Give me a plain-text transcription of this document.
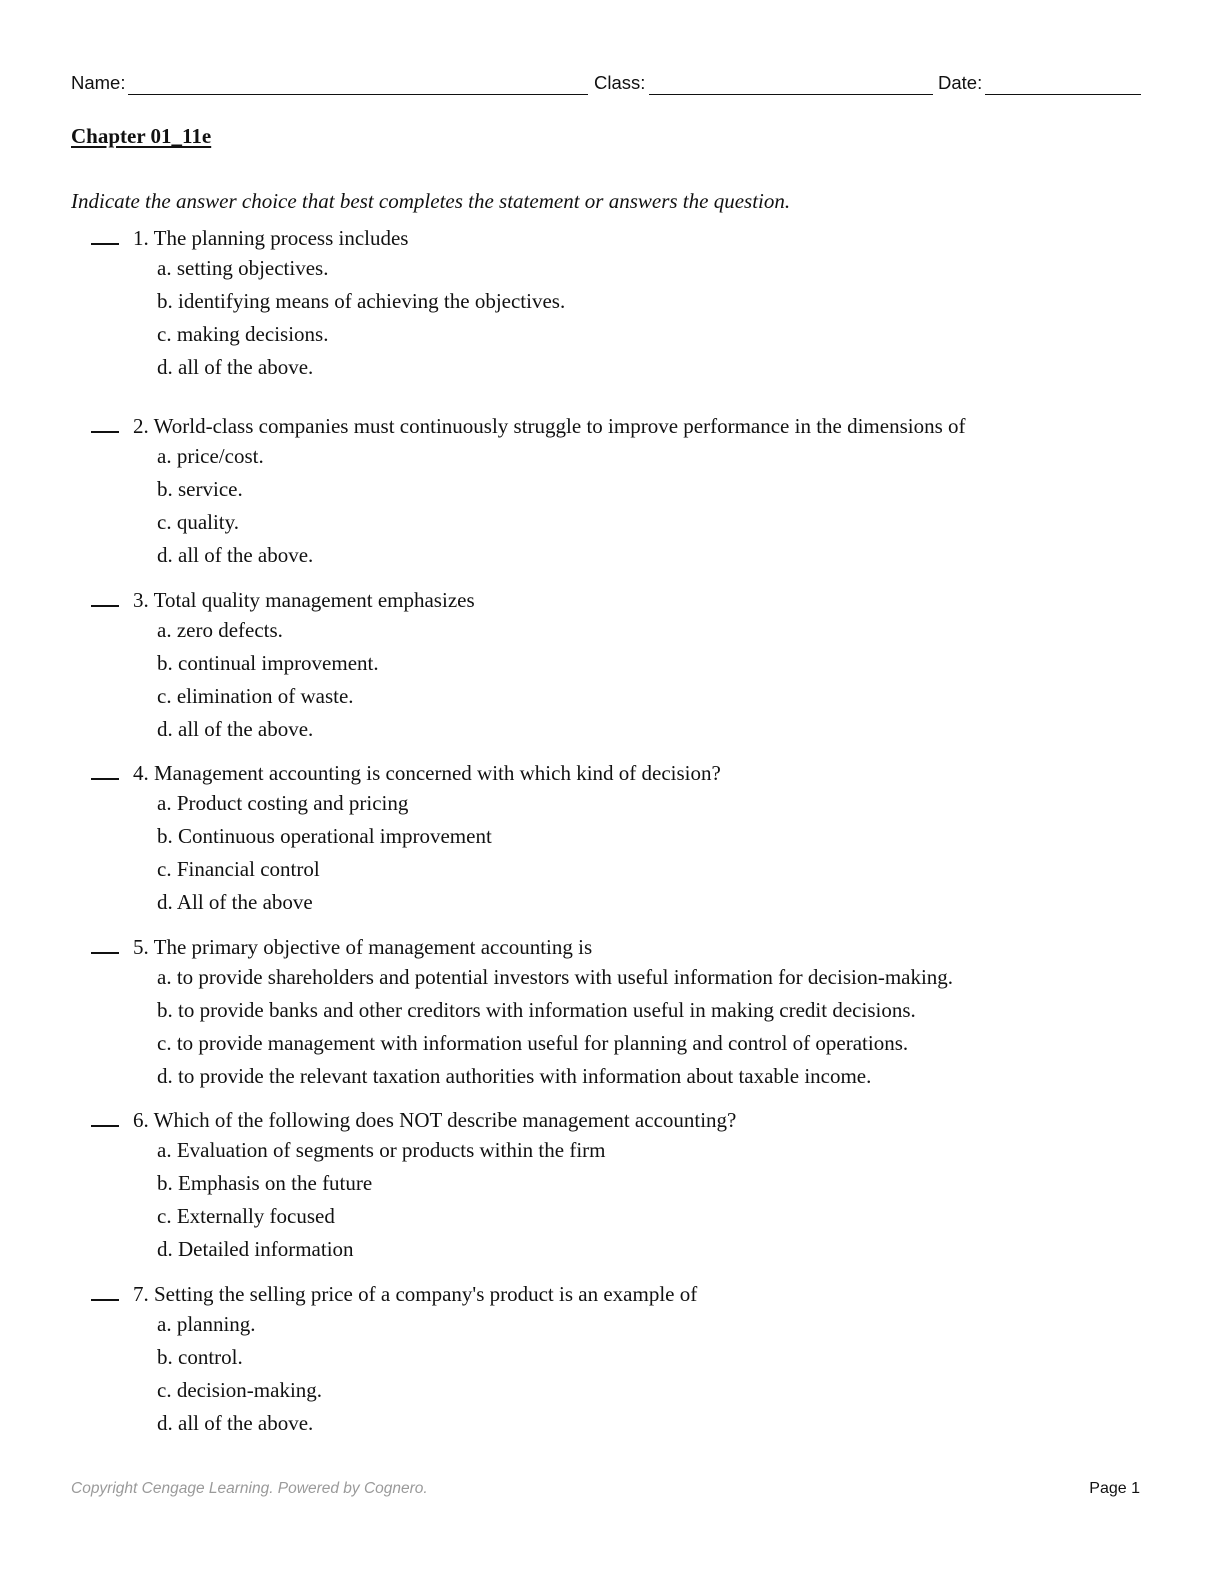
Name:	Class:	Date:
Chapter 01_11e
Indicate the answer choice that best completes the statement or answers the question.
1. The planning process includes
a. setting objectives.
b. identifying means of achieving the objectives.
c. making decisions.
d. all of the above.
2. World-class companies must continuously struggle to improve performance in the dimensions of
a. price/cost.
b. service.
c. quality.
d. all of the above.
3. Total quality management emphasizes
a. zero defects.
b. continual improvement.
c. elimination of waste.
d. all of the above.
4. Management accounting is concerned with which kind of decision?
a. Product costing and pricing
b. Continuous operational improvement
c. Financial control
d. All of the above
5. The primary objective of management accounting is
a. to provide shareholders and potential investors with useful information for decision-making.
b. to provide banks and other creditors with information useful in making credit decisions.
c. to provide management with information useful for planning and control of operations.
d. to provide the relevant taxation authorities with information about taxable income.
6. Which of the following does NOT describe management accounting?
a. Evaluation of segments or products within the firm
b. Emphasis on the future
c. Externally focused
d. Detailed information
7. Setting the selling price of a company's product is an example of
a. planning.
b. control.
c. decision-making.
d. all of the above.
Copyright Cengage Learning. Powered by Cognero.	Page 1
